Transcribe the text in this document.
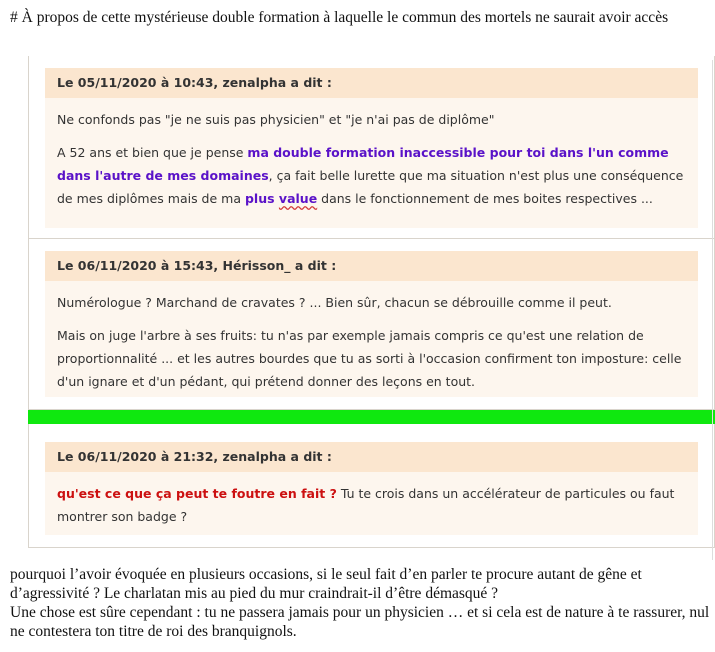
# À propos de cette mystérieuse double formation à laquelle le commun des mortels ne saurait avoir accès
Le 05/11/2020 à 10:43, zenalpha a dit :

Ne confonds pas "je ne suis pas physicien" et "je n'ai pas de diplôme"

A 52 ans et bien que je pense ma double formation inaccessible pour toi dans l'un comme dans l'autre de mes domaines, ça fait belle lurette que ma situation n'est plus une conséquence de mes diplômes mais de ma plus value dans le fonctionnement de mes boites respectives ...

Le 06/11/2020 à 15:43, Hérisson_ a dit :

Numérologue ? Marchand de cravates ? ... Bien sûr, chacun se débrouille comme il peut.

Mais on juge l'arbre à ses fruits: tu n'as par exemple jamais compris ce qu'est une relation de proportionnalité ... et les autres bourdes que tu as sorti à l'occasion confirment ton imposture: celle d'un ignare et d'un pédant, qui prétend donner des leçons en tout.

Le 06/11/2020 à 21:32, zenalpha a dit :

qu'est ce que ça peut te foutre en fait ? Tu te crois dans un accélérateur de particules ou faut montrer son badge ?

pourquoi l’avoir évoquée en plusieurs occasions, si le seul fait d’en parler te procure autant de gêne et d’agressivité ? Le charlatan mis au pied du mur craindrait-il d’être démasqué ?

Une chose est sûre cependant : tu ne passera jamais pour un physicien … et si cela est de nature à te rassurer, nul ne contestera ton titre de roi des branquignols.
